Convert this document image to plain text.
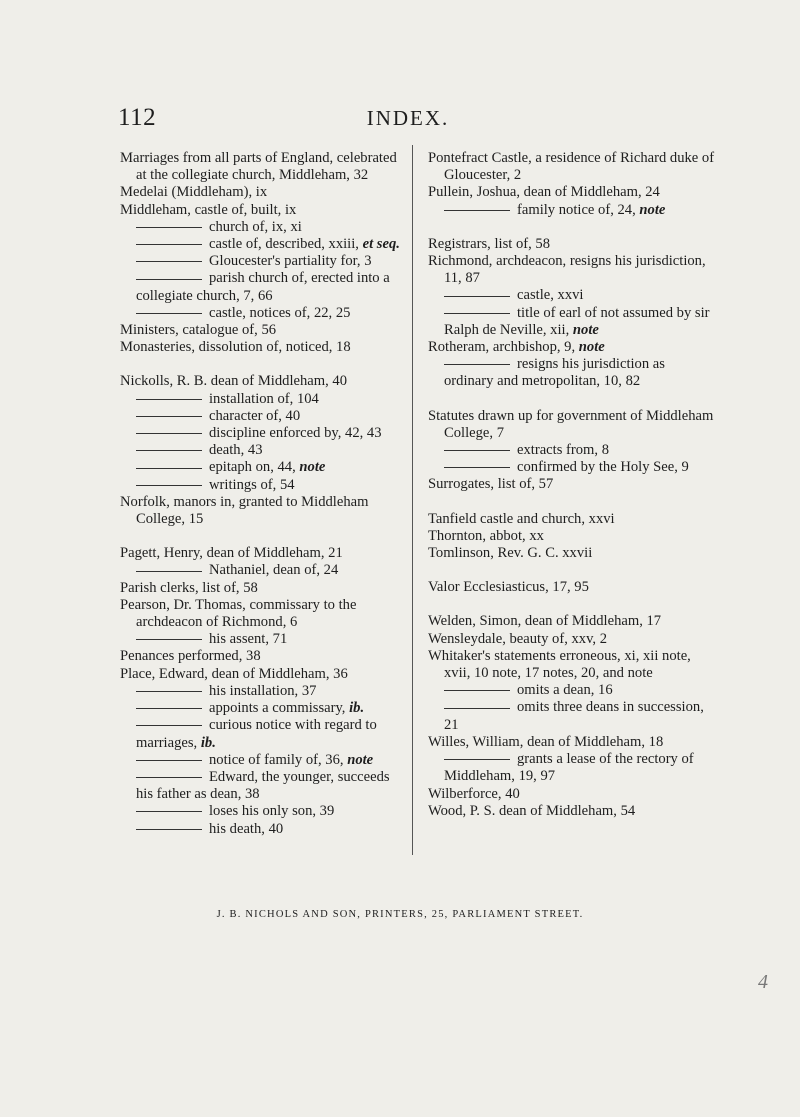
112	INDEX.

Marriages from all parts of England, celebrated at the collegiate church, Middleham, 32

Medelai (Middleham), ix

Middleham, castle of, built, ix

church of, ix, xi

castle of, described, xxiii, et seq.

Gloucester's partiality for, 3

parish church of, erected into a collegiate church, 7, 66

castle, notices of, 22, 25

Ministers, catalogue of, 56

Monasteries, dissolution of, noticed, 18

Nickolls, R. B. dean of Middleham, 40

installation of, 104

character of, 40

discipline enforced by, 42, 43

death, 43

epitaph on, 44, note

writings of, 54

Norfolk, manors in, granted to Middleham College, 15

Pagett, Henry, dean of Middleham, 21

Nathaniel, dean of, 24

Parish clerks, list of, 58

Pearson, Dr. Thomas, commissary to the archdeacon of Richmond, 6

his assent, 71

Penances performed, 38

Place, Edward, dean of Middleham, 36

his installation, 37

appoints a commissary, ib.

curious notice with regard to marriages, ib.

notice of family of, 36, note

Edward, the younger, succeeds his father as dean, 38

loses his only son, 39

his death, 40

Pontefract Castle, a residence of Richard duke of Gloucester, 2

Pullein, Joshua, dean of Middleham, 24

family notice of, 24, note

Registrars, list of, 58

Richmond, archdeacon, resigns his jurisdiction, 11, 87

castle, xxvi

title of earl of not assumed by sir Ralph de Neville, xii, note

Rotheram, archbishop, 9, note

resigns his jurisdiction as ordinary and metropolitan, 10, 82

Statutes drawn up for government of Middleham College, 7

extracts from, 8

confirmed by the Holy See, 9

Surrogates, list of, 57

Tanfield castle and church, xxvi

Thornton, abbot, xx

Tomlinson, Rev. G. C. xxvii

Valor Ecclesiasticus, 17, 95

Welden, Simon, dean of Middleham, 17

Wensleydale, beauty of, xxv, 2

Whitaker's statements erroneous, xi, xii note, xvii, 10 note, 17 notes, 20, and note

omits a dean, 16

omits three deans in succession, 21

Willes, William, dean of Middleham, 18

grants a lease of the rectory of Middleham, 19, 97

Wilberforce, 40

Wood, P. S. dean of Middleham, 54

J. B. NICHOLS AND SON, PRINTERS, 25, PARLIAMENT STREET.
4
